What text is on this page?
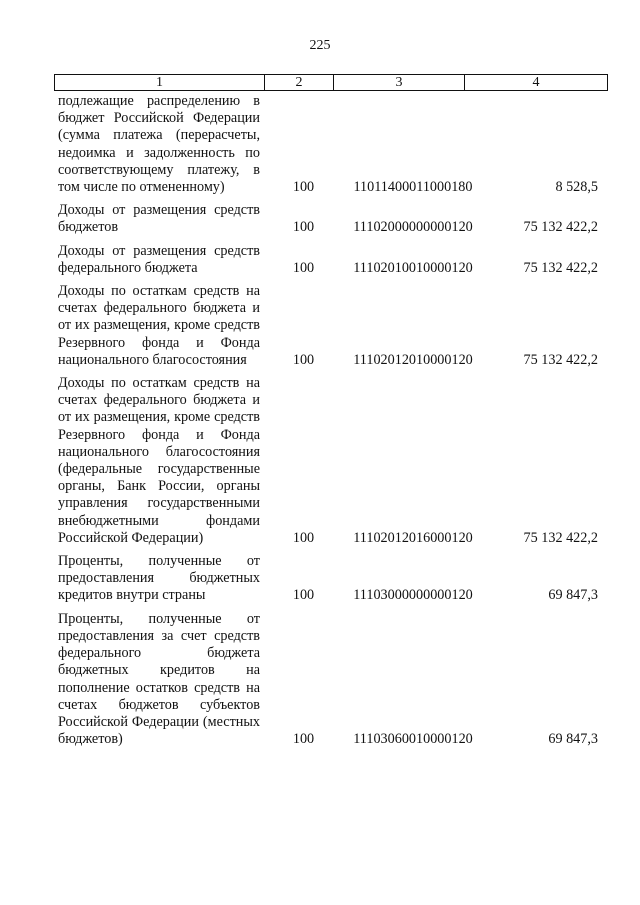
225
1	2	3	4
подлежащие распределению в бюджет Российской Федерации (сумма платежа (перерасчеты, недоимка и задолженность по соответствующему платежу, в том числе по отмененному)	100	11011400011000180	8 528,5
Доходы от размещения средств бюджетов	100	11102000000000120	75 132 422,2
Доходы от размещения средств федерального бюджета	100	11102010010000120	75 132 422,2
Доходы по остаткам средств на счетах федерального бюджета и от их размещения, кроме средств Резервного фонда и Фонда национального благосостояния	100	11102012010000120	75 132 422,2
Доходы по остаткам средств на счетах федерального бюджета и от их размещения, кроме средств Резервного фонда и Фонда национального благосостояния (федеральные государственные органы, Банк России, органы управления государственными внебюджетными фондами Российской Федерации)	100	11102012016000120	75 132 422,2
Проценты, полученные от предоставления бюджетных кредитов внутри страны	100	11103000000000120	69 847,3
Проценты, полученные от предоставления за счет средств федерального бюджета бюджетных кредитов на пополнение остатков средств на счетах бюджетов субъектов Российской Федерации (местных бюджетов)	100	11103060010000120	69 847,3
